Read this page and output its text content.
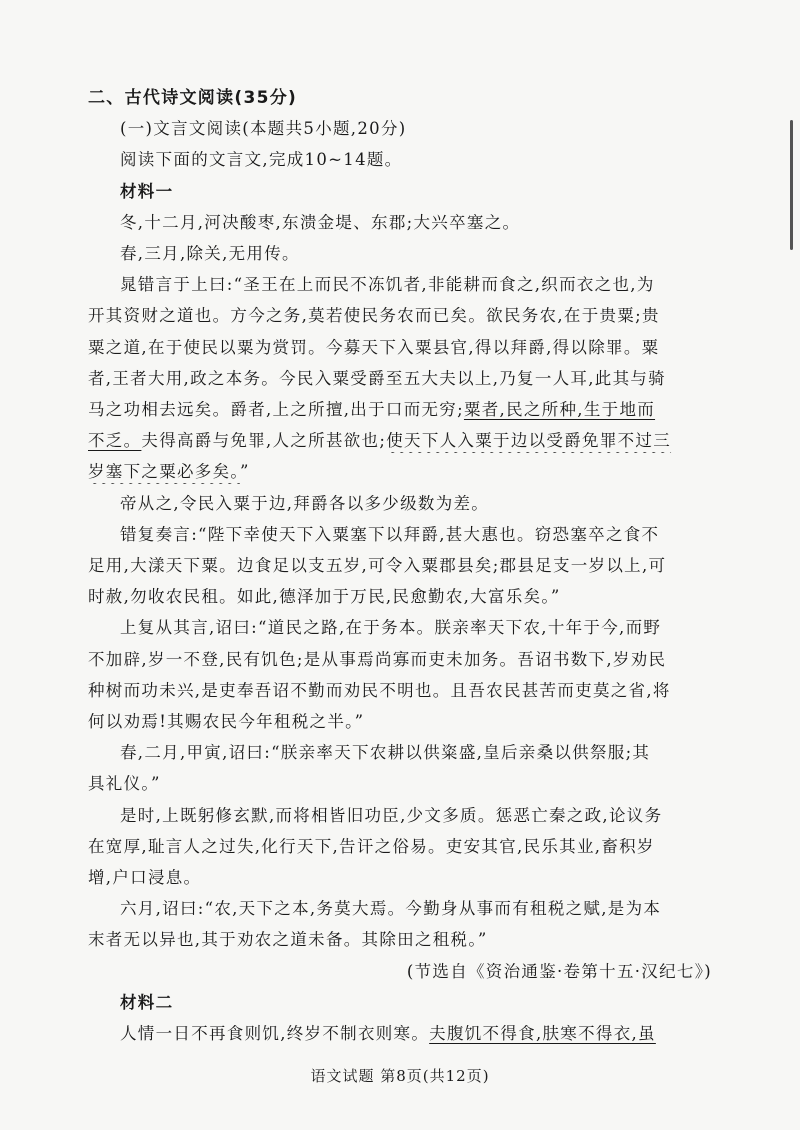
二、古代诗文阅读(35分)
(一)文言文阅读(本题共5小题,20分)
阅读下面的文言文,完成10~14题。
材料一
冬,十二月,河决酸枣,东溃金堤、东郡;大兴卒塞之。
春,三月,除关,无用传。
晁错言于上曰:“圣王在上而民不冻饥者,非能耕而食之,织而衣之也,为
开其资财之道也。方今之务,莫若使民务农而已矣。欲民务农,在于贵粟;贵
粟之道,在于使民以粟为赏罚。今募天下入粟县官,得以拜爵,得以除罪。粟
者,王者大用,政之本务。今民入粟受爵至五大夫以上,乃复一人耳,此其与骑
马之功相去远矣。爵者,上之所擅,出于口而无穷;粟者,民之所种,生于地而
不乏。夫得高爵与免罪,人之所甚欲也;使天下人入粟于边以受爵免罪不过三
岁塞下之粟必多矣。”
帝从之,令民入粟于边,拜爵各以多少级数为差。
错复奏言:“陛下幸使天下入粟塞下以拜爵,甚大惠也。窃恐塞卒之食不
足用,大漾天下粟。边食足以支五岁,可令入粟郡县矣;郡县足支一岁以上,可
时赦,勿收农民租。如此,德泽加于万民,民愈勤农,大富乐矣。”
上复从其言,诏曰:“道民之路,在于务本。朕亲率天下农,十年于今,而野
不加辟,岁一不登,民有饥色;是从事焉尚寡而吏未加务。吾诏书数下,岁劝民
种树而功未兴,是吏奉吾诏不勤而劝民不明也。且吾农民甚苦而吏莫之省,将
何以劝焉!其赐农民今年租税之半。”
春,二月,甲寅,诏曰:“朕亲率天下农耕以供粢盛,皇后亲桑以供祭服;其
具礼仪。”
是时,上既躬修玄默,而将相皆旧功臣,少文多质。惩恶亡秦之政,论议务
在宽厚,耻言人之过失,化行天下,告讦之俗易。吏安其官,民乐其业,畜积岁
增,户口浸息。
六月,诏曰:“农,天下之本,务莫大焉。今勤身从事而有租税之赋,是为本
末者无以异也,其于劝农之道未备。其除田之租税。”
(节选自《资治通鉴·卷第十五·汉纪七》)
语文试题 第8页(共12页)
材料二
人情一日不再食则饥,终岁不制衣则寒。夫腹饥不得食,肤寒不得衣,虽
